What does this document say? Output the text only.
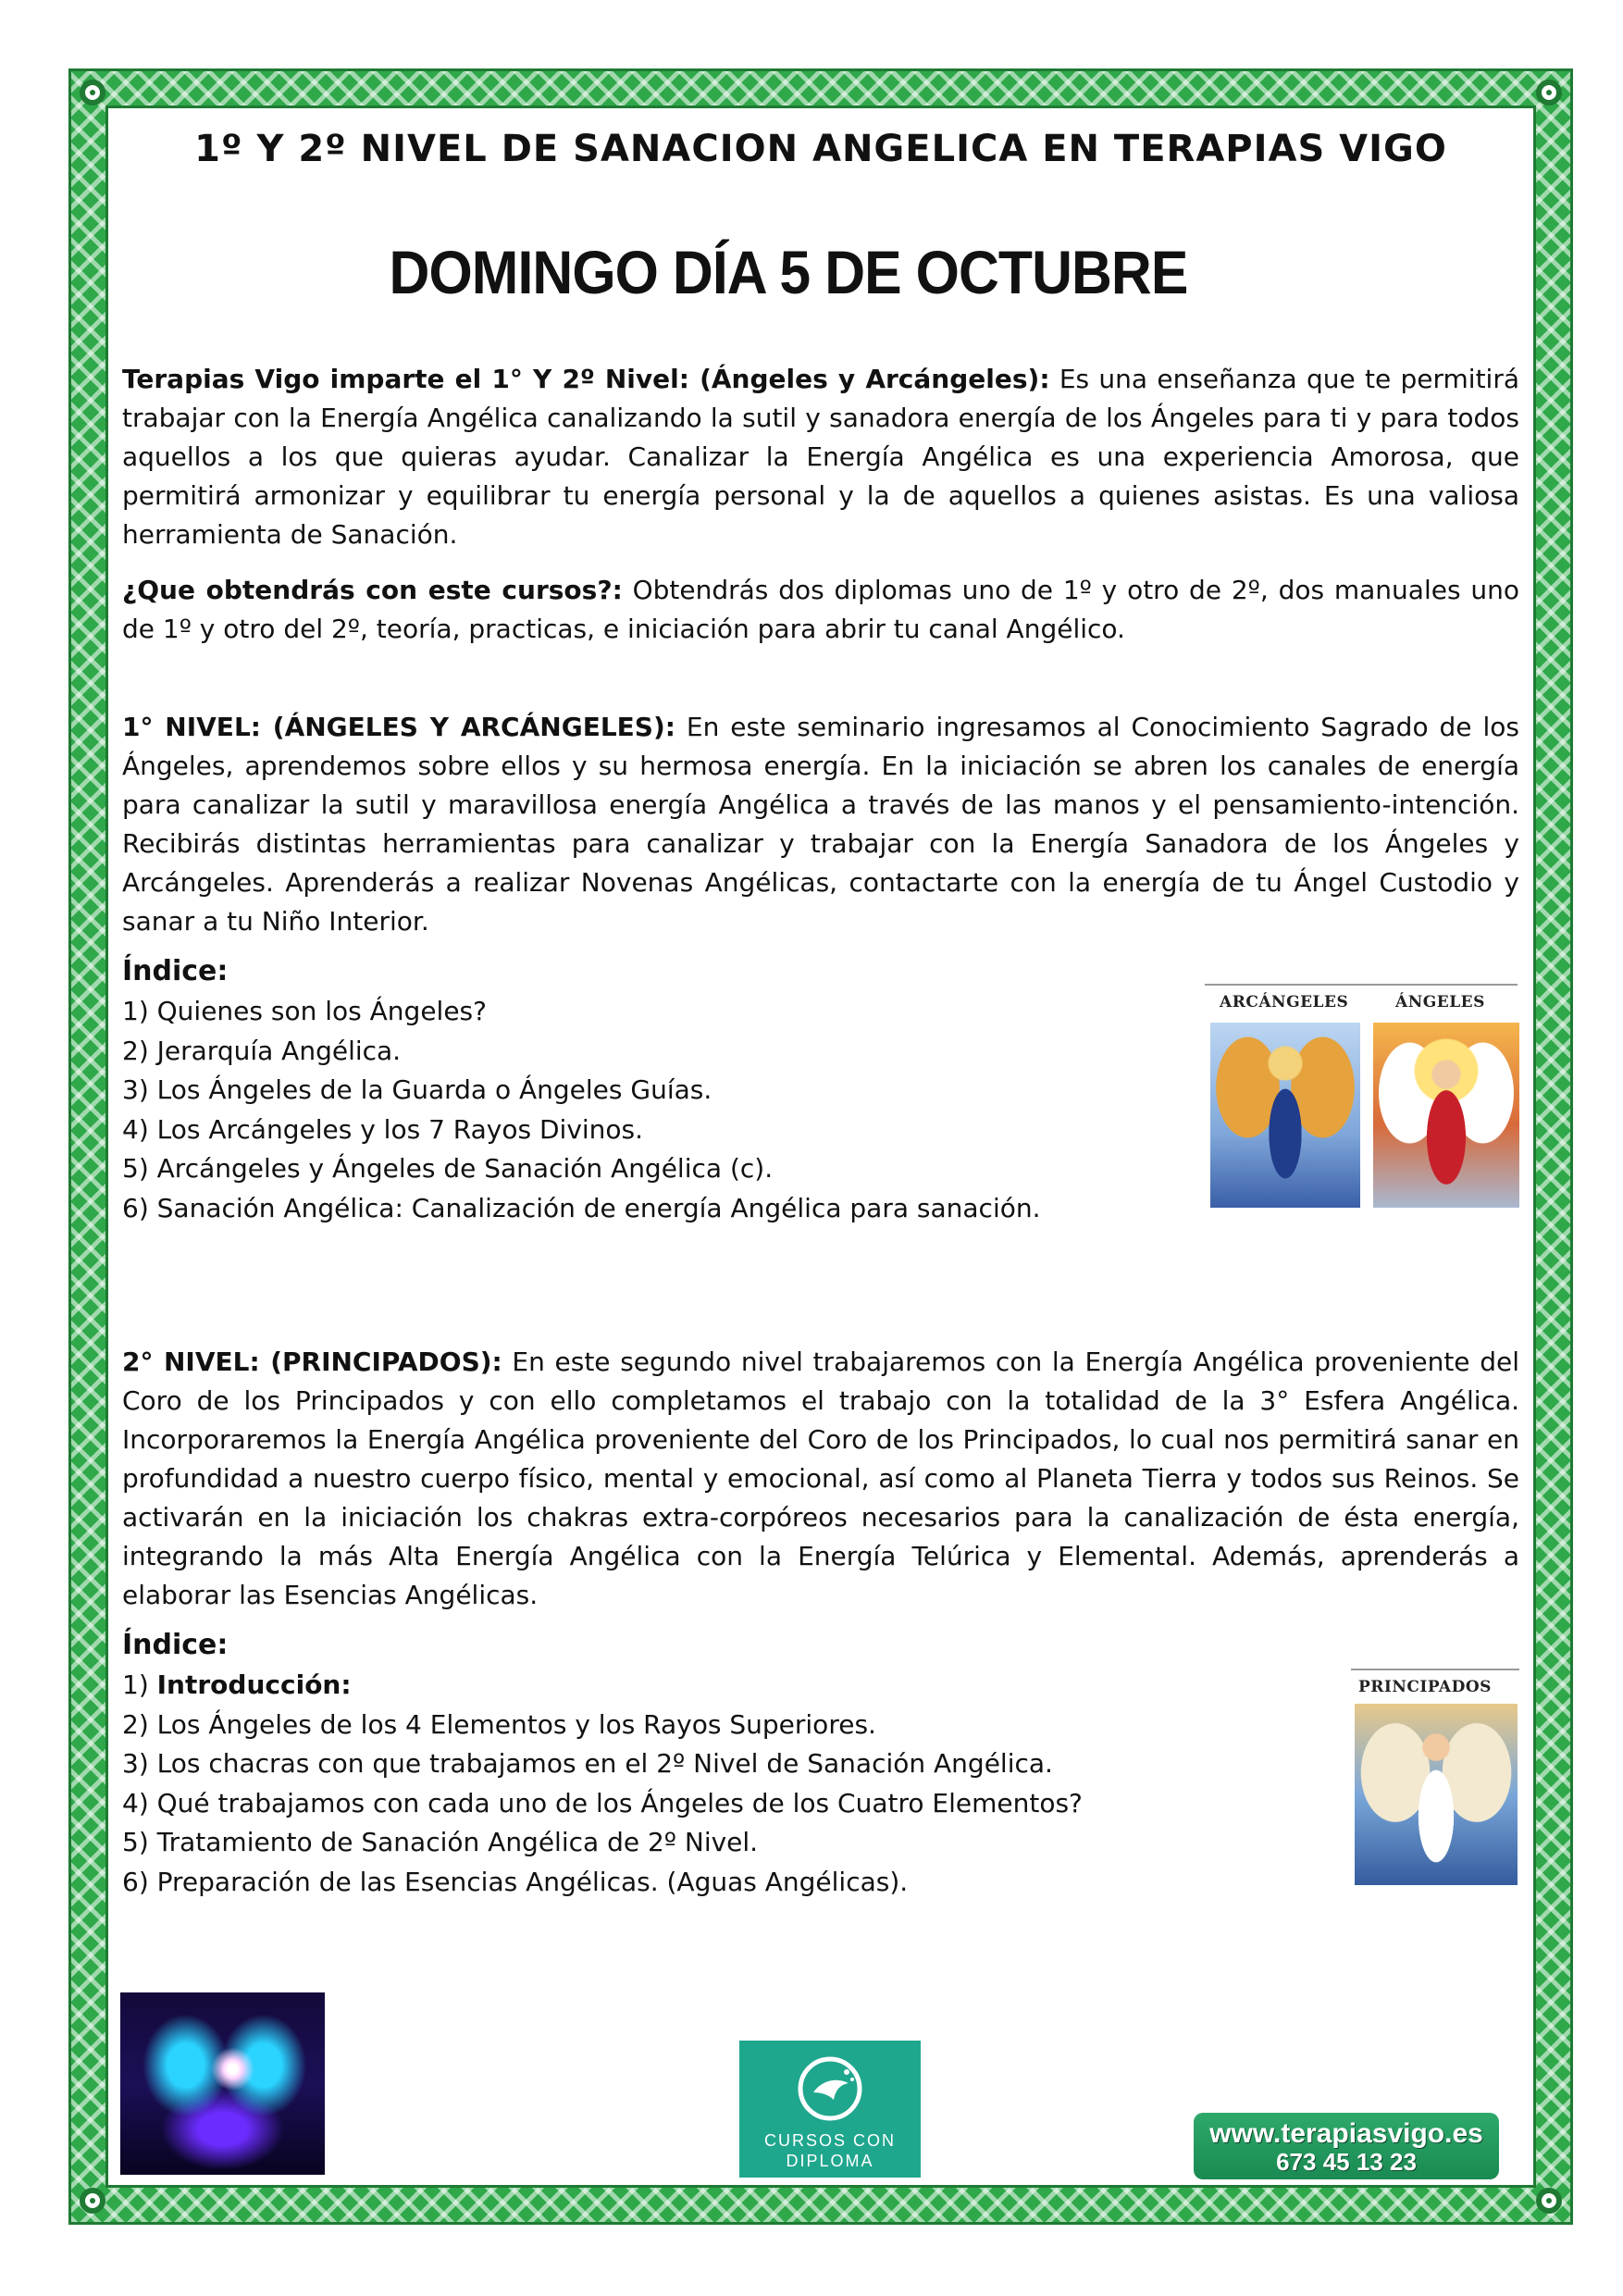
1º Y 2º NIVEL DE SANACION ANGELICA EN TERAPIAS VIGO
DOMINGO DÍA 5 DE OCTUBRE

Terapias Vigo imparte el 1° Y 2º Nivel: (Ángeles y Arcángeles): Es una enseñanza que te permitirá trabajar con la Energía Angélica canalizando la sutil y sanadora energía de los Ángeles para ti y para todos aquellos a los que quieras ayudar. Canalizar la Energía Angélica es una experiencia Amorosa, que permitirá armonizar y equilibrar tu energía personal y la de aquellos a quienes asistas. Es una valiosa herramienta de Sanación.

¿Que obtendrás con este cursos?: Obtendrás dos diplomas uno de 1º y otro de 2º, dos manuales uno de 1º y otro del 2º, teoría, practicas, e iniciación para abrir tu canal Angélico.

1° NIVEL: (ÁNGELES Y ARCÁNGELES): En este seminario ingresamos al Conocimiento Sagrado de los Ángeles, aprendemos sobre ellos y su hermosa energía. En la iniciación se abren los canales de energía para canalizar la sutil y maravillosa energía Angélica a través de las manos y el pensamiento-intención. Recibirás distintas herramientas para canalizar y trabajar con la Energía Sanadora de los Ángeles y Arcángeles. Aprenderás a realizar Novenas Angélicas, contactarte con la energía de tu Ángel Custodio y sanar a tu Niño Interior.

Índice:
1) Quienes son los Ángeles?
2) Jerarquía Angélica.
3) Los Ángeles de la Guarda o Ángeles Guías.
4) Los Arcángeles y los 7 Rayos Divinos.
5) Arcángeles y Ángeles de Sanación Angélica (c).
6) Sanación Angélica: Canalización de energía Angélica para sanación.

2° NIVEL: (PRINCIPADOS): En este segundo nivel trabajaremos con la Energía Angélica proveniente del Coro de los Principados y con ello completamos el trabajo con la totalidad de la 3° Esfera Angélica. Incorporaremos la Energía Angélica proveniente del Coro de los Principados, lo cual nos permitirá sanar en profundidad a nuestro cuerpo físico, mental y emocional, así como al Planeta Tierra y todos sus Reinos. Se activarán en la iniciación los chakras extra-corpóreos necesarios para la canalización de ésta energía, integrando la más Alta Energía Angélica con la Energía Telúrica y Elemental. Además, aprenderás a elaborar las Esencias Angélicas.

Índice:
1) Introducción:
2) Los Ángeles de los 4 Elementos y los Rayos Superiores.
3) Los chacras con que trabajamos en el 2º Nivel de Sanación Angélica.
4) Qué trabajamos con cada uno de los Ángeles de los Cuatro Elementos?
5) Tratamiento de Sanación Angélica de 2º Nivel.
6) Preparación de las Esencias Angélicas. (Aguas Angélicas).
ARCÁNGELES	ÁNGELES
PRINCIPADOS
CURSOS CON
DIPLOMA
www.terapiasvigo.es
673 45 13 23
